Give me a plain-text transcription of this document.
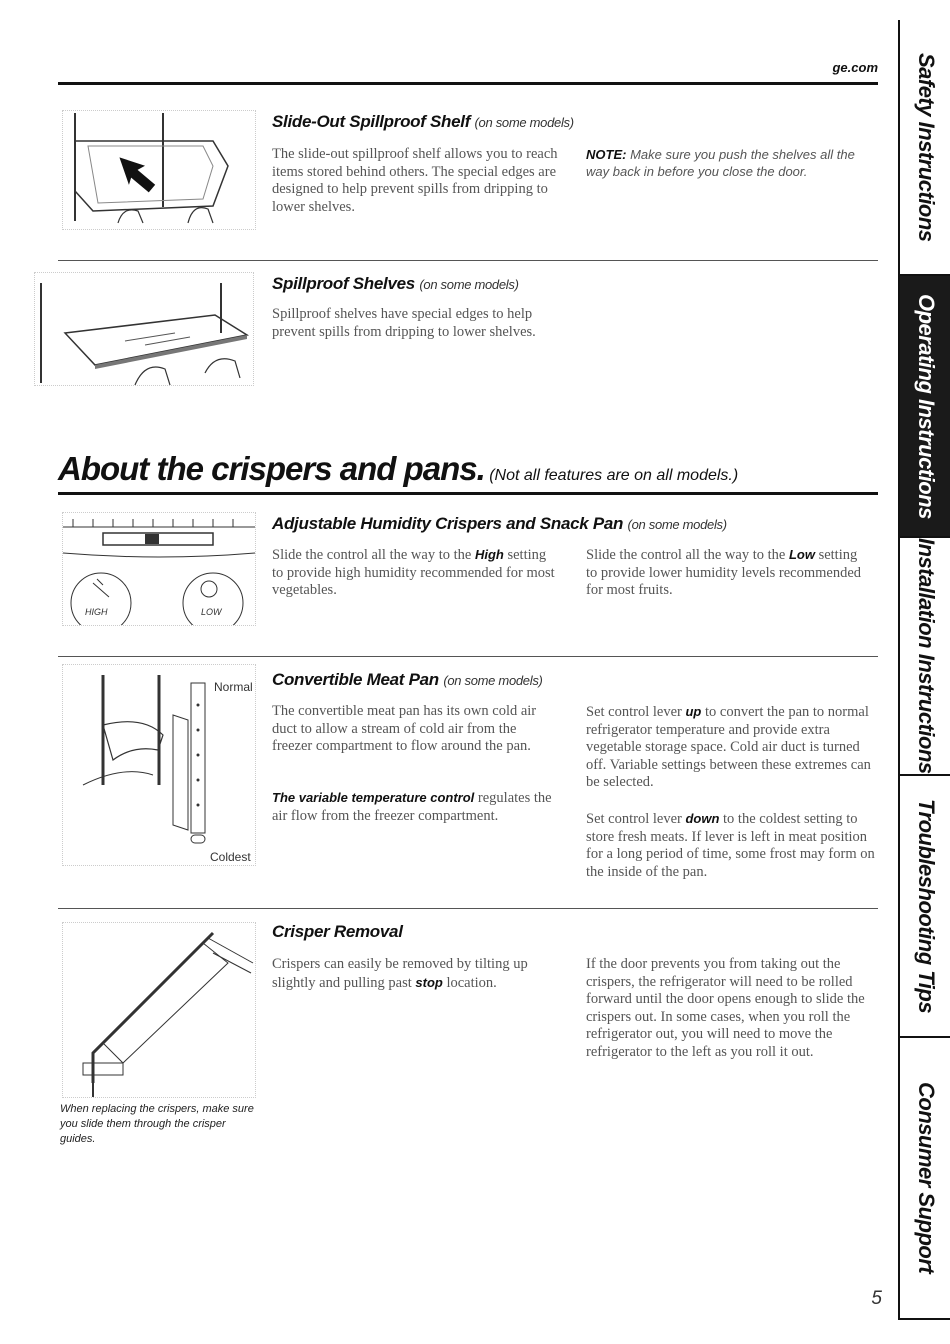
ge.com
Slide-Out Spillproof Shelf (on some models)
The slide-out spillproof shelf allows you to reach items stored behind others. The special edges are designed to help prevent spills from dripping to lower shelves.
NOTE: Make sure you push the shelves all the way back in before you close the door.
Spillproof Shelves (on some models)
Spillproof shelves have special edges to help prevent spills from dripping to lower shelves.
About the crispers and pans. (Not all features are on all models.)
HIGH	LOW
Adjustable Humidity Crispers and Snack Pan (on some models)
Slide the control all the way to the High setting to provide high humidity recommended for most vegetables.
Slide the control all the way to the Low setting to provide lower humidity levels recommended for most fruits.
Normal
Coldest
Convertible Meat Pan (on some models)
The convertible meat pan has its own cold air duct to allow a stream of cold air from the freezer compartment to flow around the pan.
The variable temperature control regulates the air flow from the freezer compartment.
Set control lever up to convert the pan to normal refrigerator temperature and provide extra vegetable storage space. Cold air duct is turned off. Variable settings between these extremes can be selected.
Set control lever down to the coldest setting to store fresh meats. If lever is left in meat position for a long period of time, some frost may form on the inside of the pan.
When replacing the crispers, make sure you slide them through the crisper guides.
Crisper Removal
Crispers can easily be removed by tilting up slightly and pulling past stop location.
If the door prevents you from taking out the crispers, the refrigerator will need to be rolled forward until the door opens enough to slide the crispers out. In some cases, when you roll the refrigerator out, you will need to move the refrigerator to the left as you roll it out.
5
Safety Instructions
Operating Instructions
Installation Instructions
Troubleshooting Tips
Consumer Support
